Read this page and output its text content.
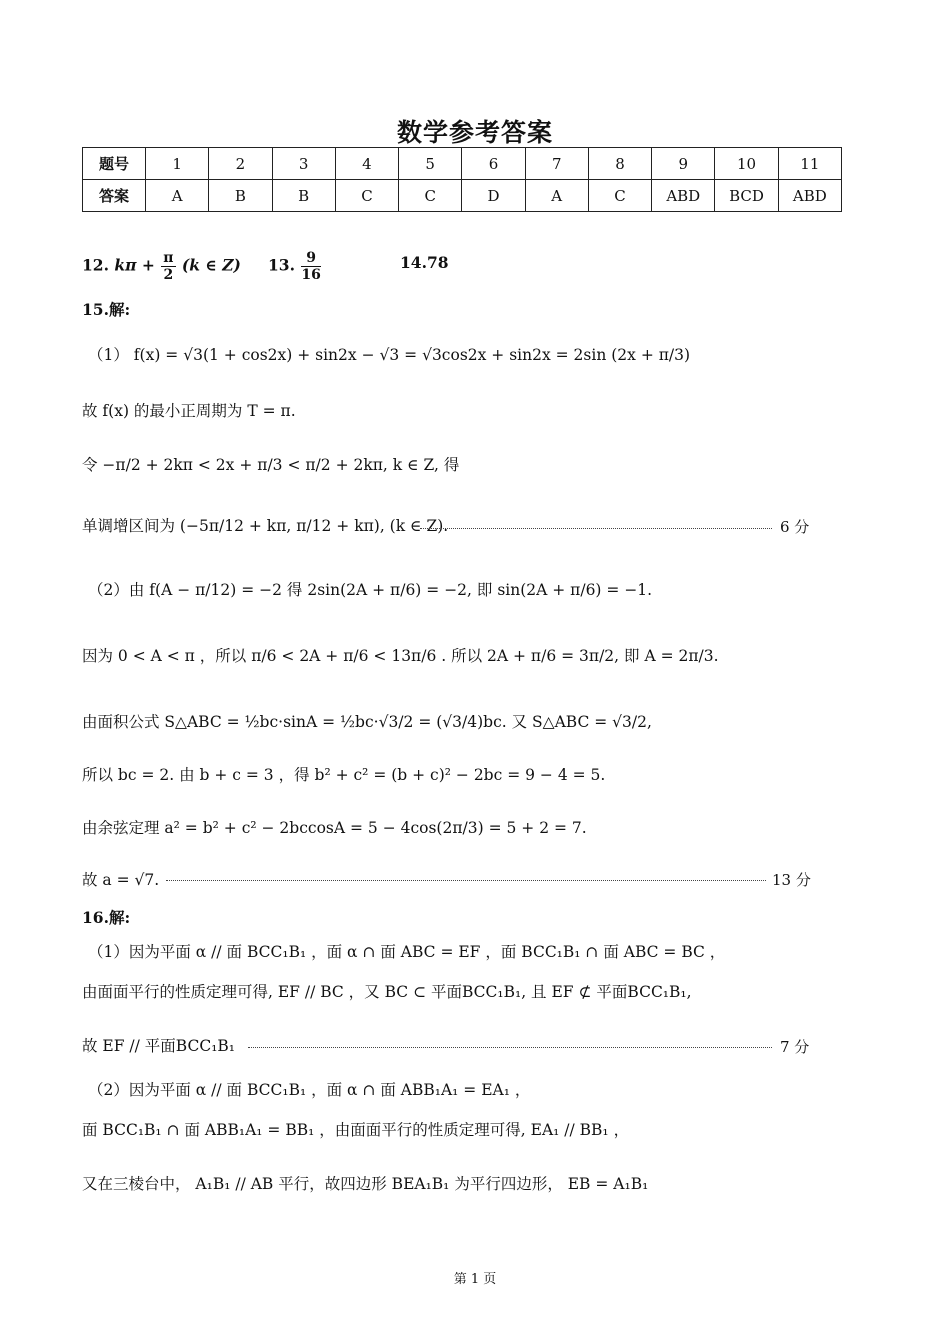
数学参考答案
题号	1	2	3	4	5	6	7	8	9	10	11
答案	A	B	B	C	C	D	A	C	ABD	BCD	ABD
12. $k\pi + \frac{\pi}{2} (k$ ∈ Z) 13. $\frac{9}{16}$	14.78
15.解:
（1） f(x) = √3(1 + cos2x) + sin2x − √3 = √3cos2x + sin2x = 2sin (2x + π/3)
故 f(x) 的最小正周期为 T = π.
令 −π/2 + 2kπ < 2x + π/3 < π/2 + 2kπ, k ∈ Z, 得
单调增区间为 (−5π/12 + kπ, π/12 + kπ), (k ∈ Z).	6 分
（2）由 f(A − π/12) = −2 得 2sin(2A + π/6) = −2, 即 sin(2A + π/6) = −1.
因为 0 < A < π ，所以 π/6 < 2A + π/6 < 13π/6 . 所以 2A + π/6 = 3π/2, 即 A = 2π/3.
由面积公式 S△ABC = ½bc·sinA = ½bc·√3/2 = (√3/4)bc. 又 S△ABC = √3/2,
所以 bc = 2. 由 b + c = 3 ，得 b² + c² = (b + c)² − 2bc = 9 − 4 = 5.
由余弦定理 a² = b² + c² − 2bccosA = 5 − 4cos(2π/3) = 5 + 2 = 7.
故 a = √7.	13 分
16.解:
（1）因为平面 α // 面 BCC₁B₁ ，面 α ∩ 面 ABC = EF ，面 BCC₁B₁ ∩ 面 ABC = BC ，
由面面平行的性质定理可得, EF // BC ，又 BC ⊂ 平面BCC₁B₁, 且 EF ⊄ 平面BCC₁B₁,
故 EF // 平面BCC₁B₁	7 分
（2）因为平面 α // 面 BCC₁B₁ ，面 α ∩ 面 ABB₁A₁ = EA₁ ，
面 BCC₁B₁ ∩ 面 ABB₁A₁ = BB₁ ，由面面平行的性质定理可得, EA₁ // BB₁ ，
又在三棱台中， A₁B₁ // AB 平行，故四边形 BEA₁B₁ 为平行四边形， EB = A₁B₁
第 1 页
